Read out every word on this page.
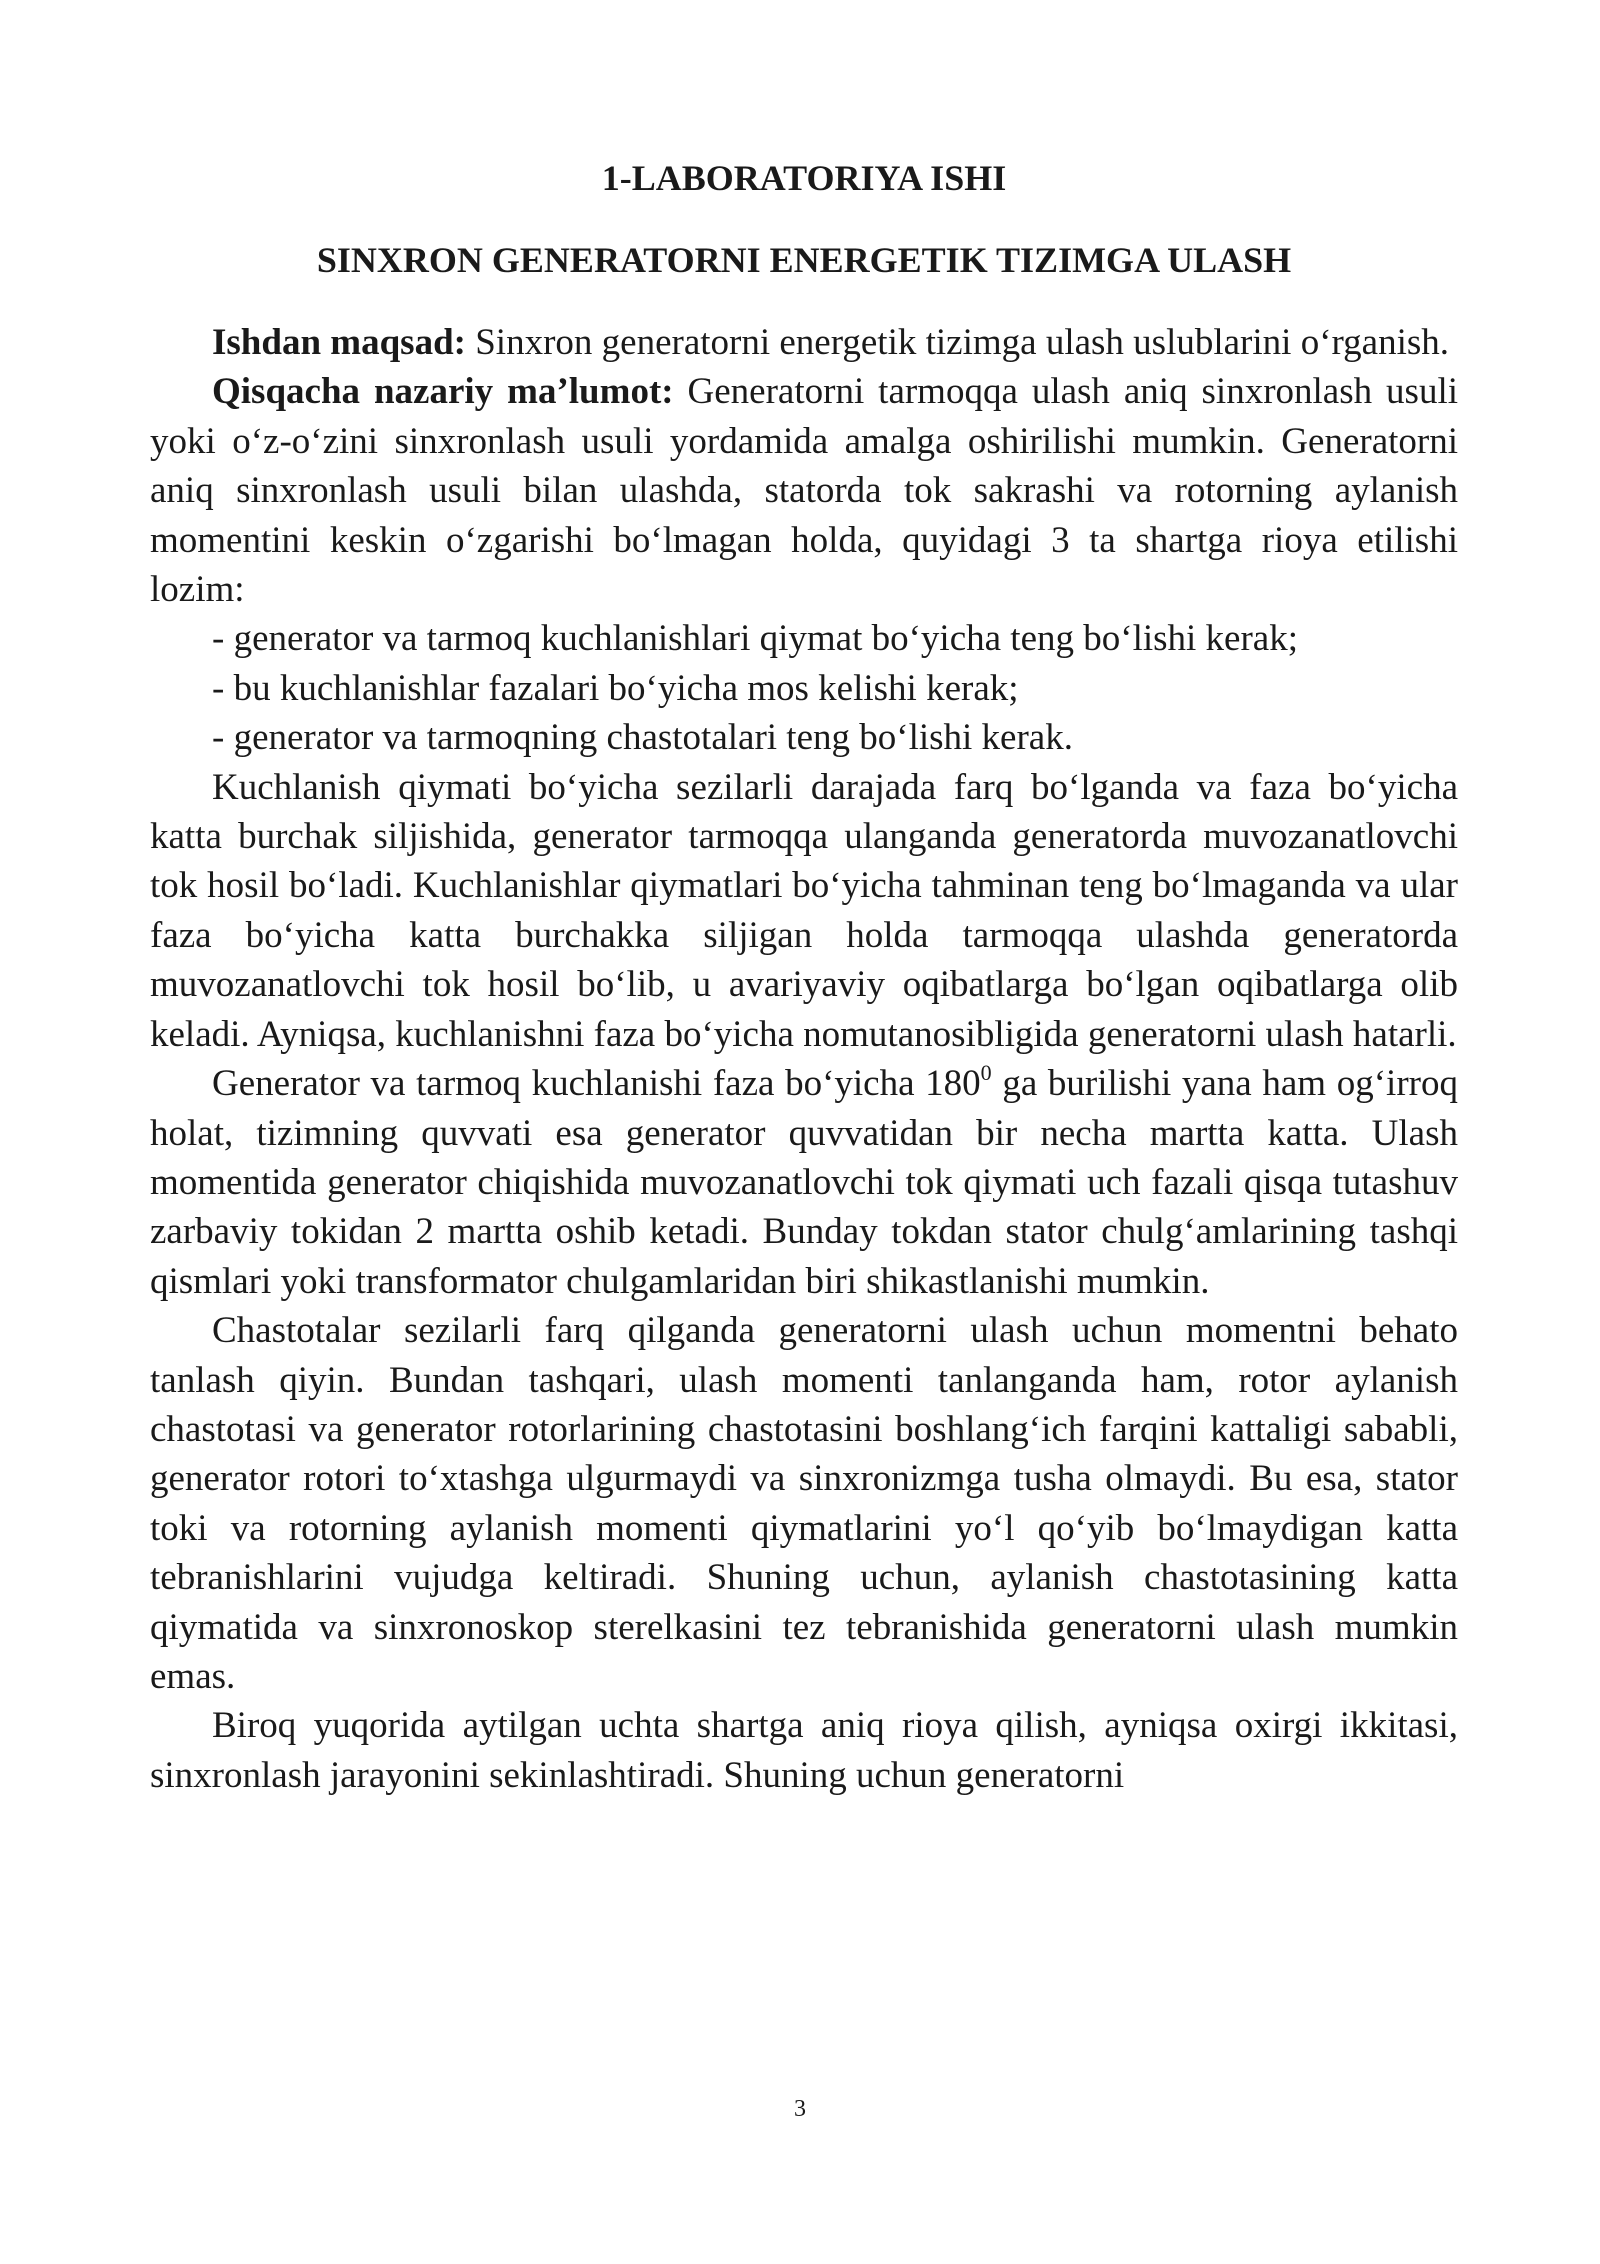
1-LABORATORIYA ISHI
SINXRON GENERATORNI ENERGETIK TIZIMGA ULASH

Ishdan maqsad: Sinxron generatorni energetik tizimga ulash uslublarini o‘rganish.

Qisqacha nazariy ma’lumot: Generatorni tarmoqqa ulash aniq sinxronlash usuli yoki o‘z-o‘zini sinxronlash usuli yordamida amalga oshirilishi mumkin. Generatorni aniq sinxronlash usuli bilan ulashda, statorda tok sakrashi va rotorning aylanish momentini keskin o‘zgarishi bo‘lmagan holda, quyidagi 3 ta shartga rioya etilishi lozim:

- generator va tarmoq kuchlanishlari qiymat bo‘yicha teng bo‘lishi kerak;

- bu kuchlanishlar fazalari bo‘yicha mos kelishi kerak;

- generator va tarmoqning chastotalari teng bo‘lishi kerak.

Kuchlanish qiymati bo‘yicha sezilarli darajada farq bo‘lganda va faza bo‘yicha katta burchak siljishida, generator tarmoqqa ulanganda generatorda muvozanatlovchi tok hosil bo‘ladi. Kuchlanishlar qiymatlari bo‘yicha tahminan teng bo‘lmaganda va ular faza bo‘yicha katta burchakka siljigan holda tarmoqqa ulashda generatorda muvozanatlovchi tok hosil bo‘lib, u avariyaviy oqibatlarga bo‘lgan oqibatlarga olib keladi. Ayniqsa, kuchlanishni faza bo‘yicha nomutanosibligida generatorni ulash hatarli.

Generator va tarmoq kuchlanishi faza bo‘yicha $180^0$ ga burilishi yana ham og‘irroq holat, tizimning quvvati esa generator quvvatidan bir necha martta katta. Ulash momentida generator chiqishida muvozanatlovchi tok qiymati uch fazali qisqa tutashuv zarbaviy tokidan 2 martta oshib ketadi. Bunday tokdan stator chulg‘amlarining tashqi qismlari yoki transformator chulgamlaridan biri shikastlanishi mumkin.

Chastotalar sezilarli farq qilganda generatorni ulash uchun momentni behato tanlash qiyin. Bundan tashqari, ulash momenti tanlanganda ham, rotor aylanish chastotasi va generator rotorlarining chastotasini boshlang‘ich farqini kattaligi sababli, generator rotori to‘xtashga ulgurmaydi va sinxronizmga tusha olmaydi. Bu esa, stator toki va rotorning aylanish momenti qiymatlarini yo‘l qo‘yib bo‘lmaydigan katta tebranishlarini vujudga keltiradi. Shuning uchun, aylanish chastotasining katta qiymatida va sinxronoskop sterelkasini tez tebranishida generatorni ulash mumkin emas.

Biroq yuqorida aytilgan uchta shartga aniq rioya qilish, ayniqsa oxirgi ikkitasi, sinxronlash jarayonini sekinlashtiradi. Shuning uchun generatorni

3
